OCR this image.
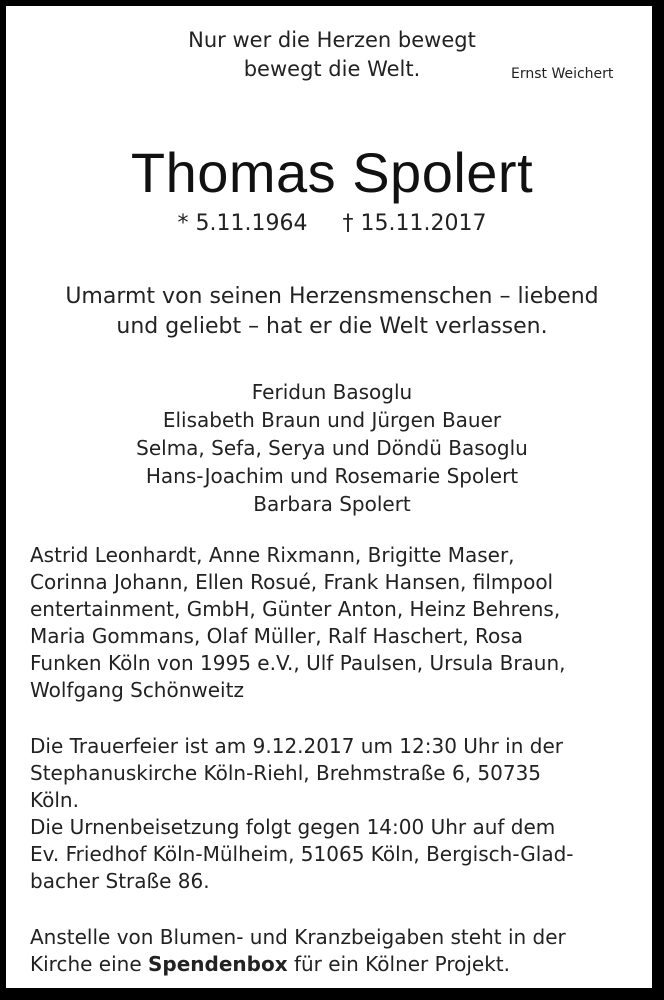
Nur wer die Herzen bewegt
bewegt die Welt.	Ernst Weichert
Thomas Spolert
* 5.11.1964 † 15.11.2017
Umarmt von seinen Herzensmenschen – liebend
und geliebt – hat er die Welt verlassen.
Feridun Basoglu
Elisabeth Braun und Jürgen Bauer
Selma, Sefa, Serya und Döndü Basoglu
Hans-Joachim und Rosemarie Spolert
Barbara Spolert
Astrid Leonhardt, Anne Rixmann, Brigitte Maser,
Corinna Johann, Ellen Rosué, Frank Hansen, filmpool
entertainment, GmbH, Günter Anton, Heinz Behrens,
Maria Gommans, Olaf Müller, Ralf Haschert, Rosa
Funken Köln von 1995 e.V., Ulf Paulsen, Ursula Braun,
Wolfgang Schönweitz
Die Trauerfeier ist am 9.12.2017 um 12:30 Uhr in der
Stephanuskirche Köln-Riehl, Brehmstraße 6, 50735
Köln.
Die Urnenbeisetzung folgt gegen 14:00 Uhr auf dem
Ev. Friedhof Köln-Mülheim, 51065 Köln, Bergisch-Glad-
bacher Straße 86.
Anstelle von Blumen- und Kranzbeigaben steht in der
Kirche eine Spendenbox für ein Kölner Projekt.
